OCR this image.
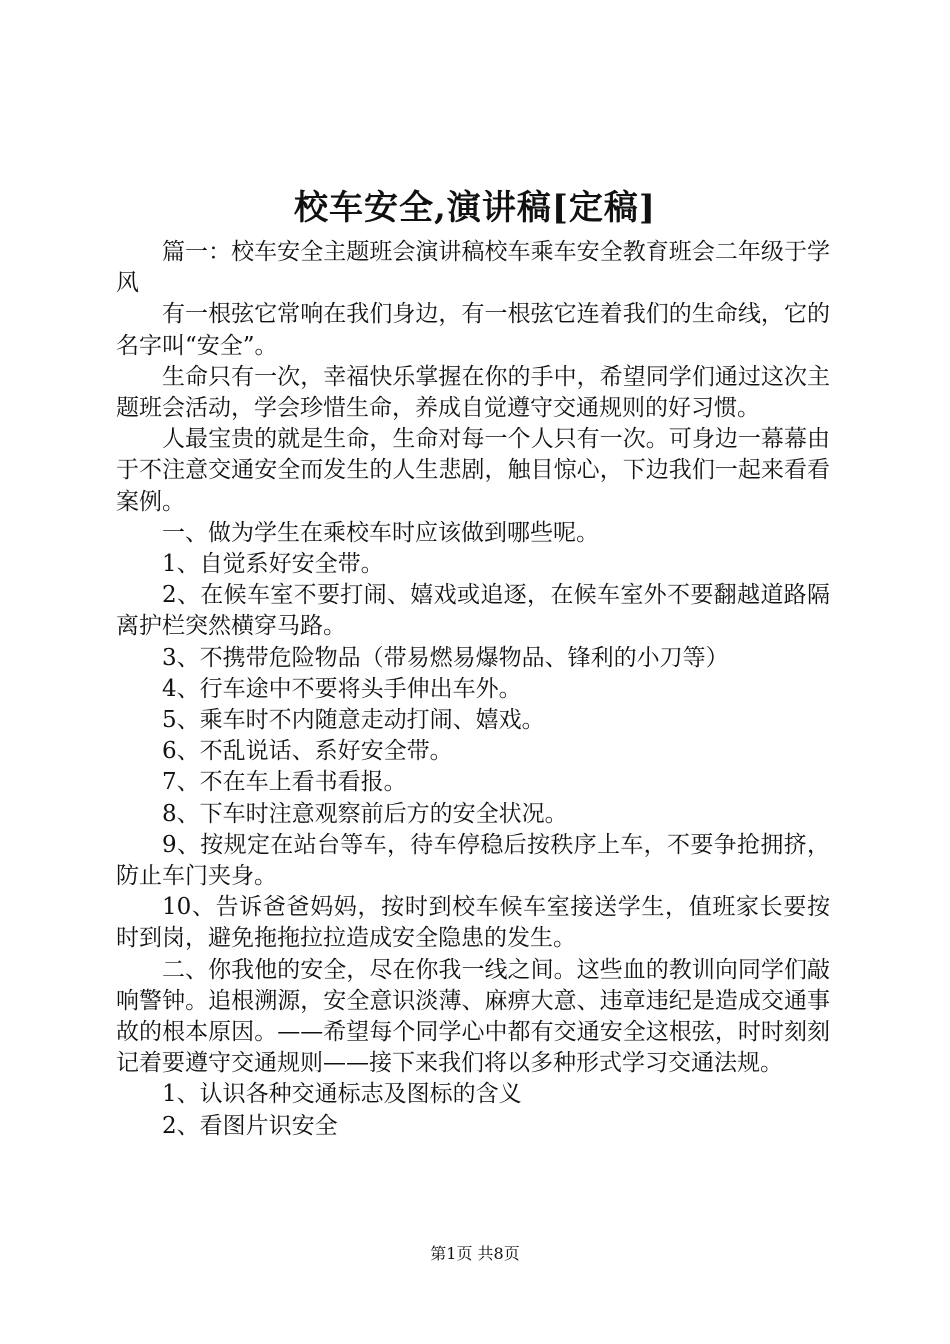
校车安全,演讲稿[定稿]

篇一：校车安全主题班会演讲稿校车乘车安全教育班会二年级于学风

有一根弦它常响在我们身边，有一根弦它连着我们的生命线，它的名字叫“安全”。

生命只有一次，幸福快乐掌握在你的手中，希望同学们通过这次主题班会活动，学会珍惜生命，养成自觉遵守交通规则的好习惯。

人最宝贵的就是生命，生命对每一个人只有一次。可身边一幕幕由于不注意交通安全而发生的人生悲剧，触目惊心，下边我们一起来看看案例。

一、做为学生在乘校车时应该做到哪些呢。

1、自觉系好安全带。

2、在候车室不要打闹、嬉戏或追逐，在候车室外不要翻越道路隔离护栏突然横穿马路。

3、不携带危险物品（带易燃易爆物品、锋利的小刀等）

4、行车途中不要将头手伸出车外。

5、乘车时不内随意走动打闹、嬉戏。

6、不乱说话、系好安全带。

7、不在车上看书看报。

8、下车时注意观察前后方的安全状况。

9、按规定在站台等车，待车停稳后按秩序上车，不要争抢拥挤，防止车门夹身。

10、告诉爸爸妈妈，按时到校车候车室接送学生，值班家长要按时到岗，避免拖拖拉拉造成安全隐患的发生。

二、你我他的安全，尽在你我一线之间。这些血的教训向同学们敲响警钟。追根溯源，安全意识淡薄、麻痹大意、违章违纪是造成交通事故的根本原因。——希望每个同学心中都有交通安全这根弦，时时刻刻记着要遵守交通规则——接下来我们将以多种形式学习交通法规。

1、认识各种交通标志及图标的含义

2、看图片识安全

第1页 共8页
